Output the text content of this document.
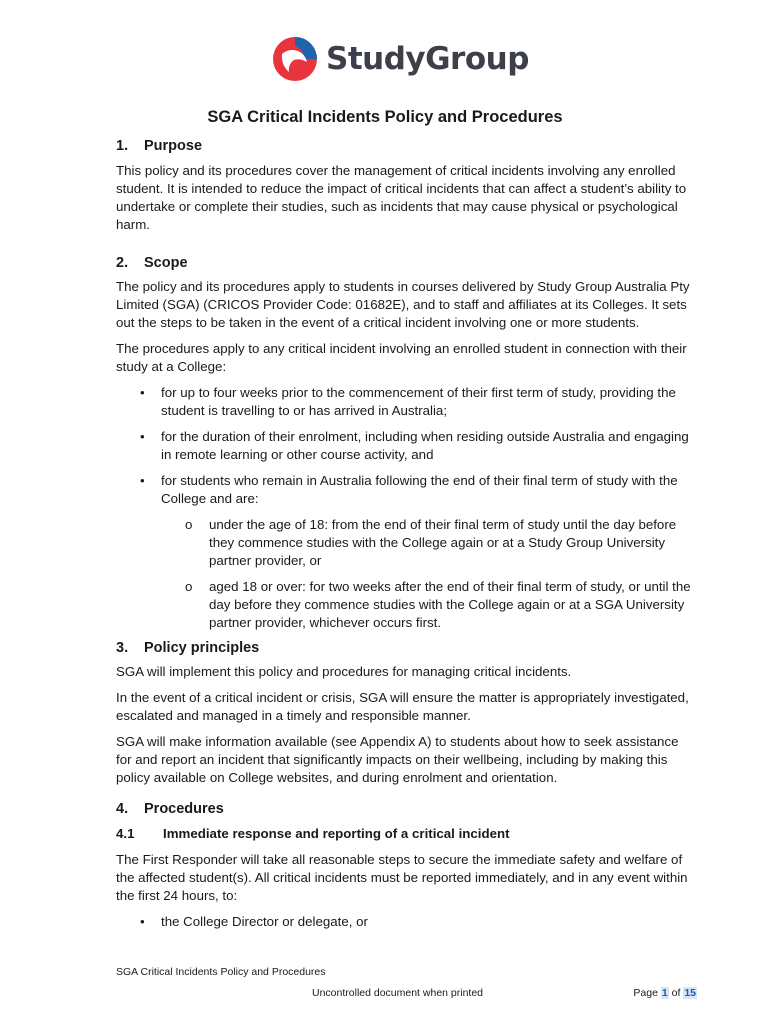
StudyGroup
SGA Critical Incidents Policy and Procedures
1. Purpose

This policy and its procedures cover the management of critical incidents involving any enrolled student. It is intended to reduce the impact of critical incidents that can affect a student’s ability to undertake or complete their studies, such as incidents that may cause physical or psychological harm.

2. Scope

The policy and its procedures apply to students in courses delivered by Study Group Australia Pty Limited (SGA) (CRICOS Provider Code: 01682E), and to staff and affiliates at its Colleges. It sets out the steps to be taken in the event of a critical incident involving one or more students.

The procedures apply to any critical incident involving an enrolled student in connection with their study at a College:

• for up to four weeks prior to the commencement of their first term of study, providing the student is travelling to or has arrived in Australia;
• for the duration of their enrolment, including when residing outside Australia and engaging in remote learning or other course activity, and
• for students who remain in Australia following the end of their final term of study with the College and are:
o under the age of 18: from the end of their final term of study until the day before they commence studies with the College again or at a Study Group University partner provider, or
o aged 18 or over: for two weeks after the end of their final term of study, or until the day before they commence studies with the College again or at a SGA University partner provider, whichever occurs first.
3. Policy principles

SGA will implement this policy and procedures for managing critical incidents.

In the event of a critical incident or crisis, SGA will ensure the matter is appropriately investigated, escalated and managed in a timely and responsible manner.

SGA will make information available (see Appendix A) to students about how to seek assistance for and report an incident that significantly impacts on their wellbeing, including by making this policy available on College websites, and during enrolment and orientation.

4. Procedures
4.1 Immediate response and reporting of a critical incident

The First Responder will take all reasonable steps to secure the immediate safety and welfare of the affected student(s). All critical incidents must be reported immediately, and in any event within the first 24 hours, to:

• the College Director or delegate, or
SGA Critical Incidents Policy and Procedures
Uncontrolled document when printed	Page 1 of 15
